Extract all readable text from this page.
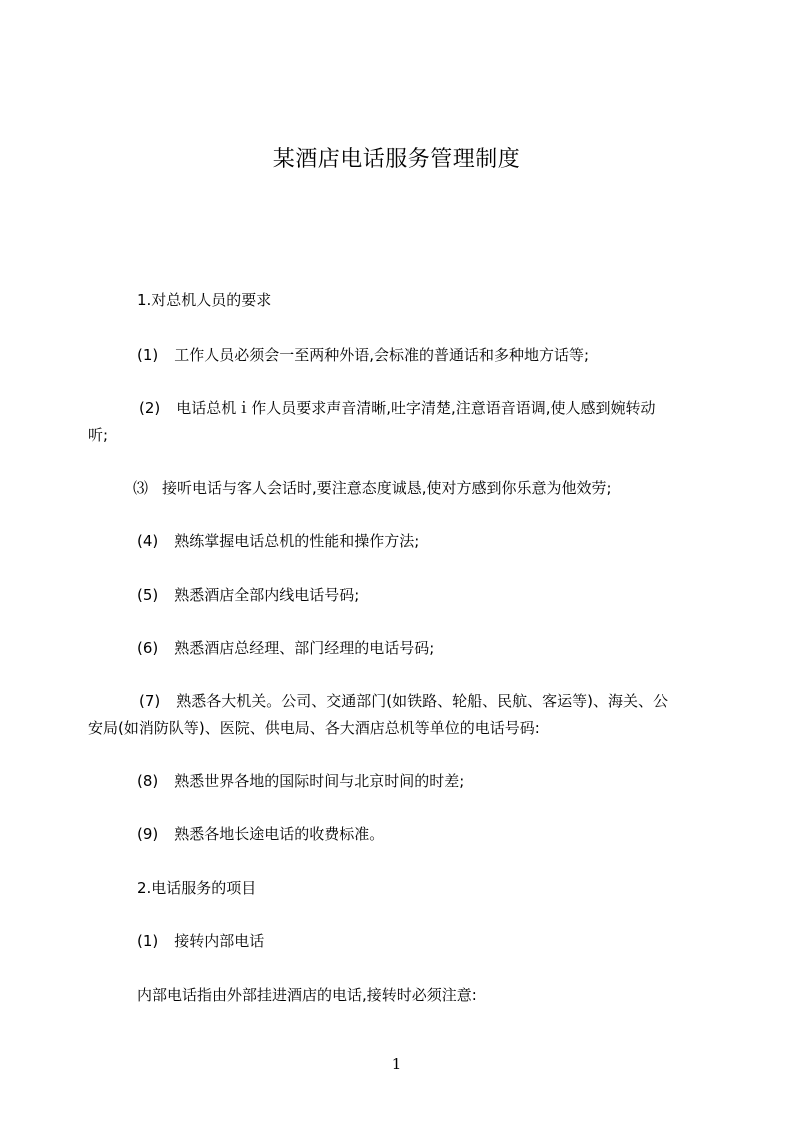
某酒店电话服务管理制度
1.对总机人员的要求
(1) 工作人员必须会一至两种外语,会标准的普通话和多种地方话等;
(2) 电话总机ｉ作人员要求声音清晰,吐字清楚,注意语音语调,使人感到婉转动
听;
⑶ 接听电话与客人会话时,要注意态度诚恳,使对方感到你乐意为他效劳;
(4) 熟练掌握电话总机的性能和操作方法;
(5) 熟悉酒店全部内线电话号码;
(6) 熟悉酒店总经理、部门经理的电话号码;
(7) 熟悉各大机关。公司、交通部门(如铁路、轮船、民航、客运等)、海关、公
安局(如消防队等)、医院、供电局、各大酒店总机等单位的电话号码:
(8) 熟悉世界各地的国际时间与北京时间的时差;
(9) 熟悉各地长途电话的收费标准。
2.电话服务的项目
(1) 接转内部电话
内部电话指由外部挂进酒店的电话,接转时必须注意:
1
